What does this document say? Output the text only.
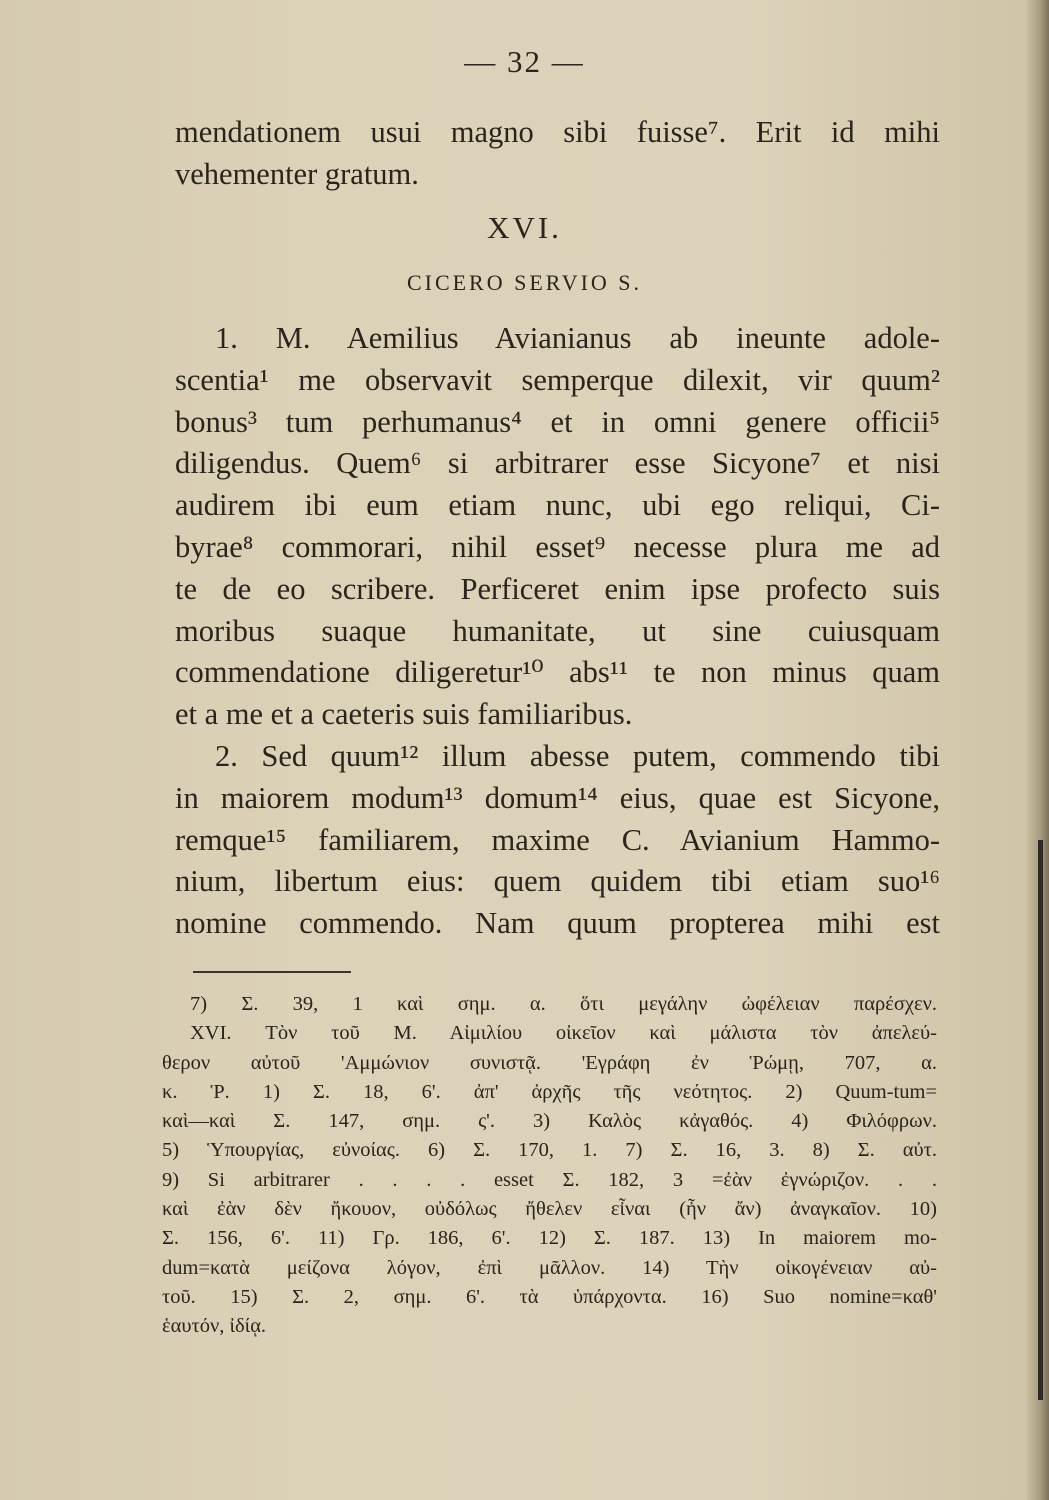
— 32 —
mendationem usui magno sibi fuisse⁷. Erit id mihi
vehementer gratum.
XVI.
CICERO SERVIO S.
1. M. Aemilius Avianianus ab ineunte adole-
scentia¹ me observavit semperque dilexit, vir quum²
bonus³ tum perhumanus⁴ et in omni genere officii⁵
diligendus. Quem⁶ si arbitrarer esse Sicyone⁷ et nisi
audirem ibi eum etiam nunc, ubi ego reliqui, Ci-
byrae⁸ commorari, nihil esset⁹ necesse plura me ad
te de eo scribere. Perficeret enim ipse profecto suis
moribus suaque humanitate, ut sine cuiusquam
commendatione diligeretur¹⁰ abs¹¹ te non minus quam
et a me et a caeteris suis familiaribus.
2. Sed quum¹² illum abesse putem, commendo tibi
in maiorem modum¹³ domum¹⁴ eius, quae est Sicyone,
remque¹⁵ familiarem, maxime C. Avianium Hammo-
nium, libertum eius: quem quidem tibi etiam suo¹⁶
nomine commendo. Nam quum propterea mihi est
7) Σ. 39, 1 καὶ σημ. α. ὅτι μεγάλην ὠφέλειαν παρέσχεν.
XVI. Τὸν τοῦ Μ. Αἰμιλίου οἰκεῖον καὶ μάλιστα τὸν ἀπελεύ-
θερον αὐτοῦ 'Αμμώνιον συνιστᾷ. 'Εγράφη ἐν Ῥώμῃ, 707, α.
κ. Ῥ. 1) Σ. 18, 6'. ἀπ' ἀρχῆς τῆς νεότητος. 2) Quum-tum=
καὶ—καὶ Σ. 147, σημ. ς'. 3) Καλὸς κἀγαθός. 4) Φιλόφρων.
5) Ὑπουργίας, εὐνοίας. 6) Σ. 170, 1. 7) Σ. 16, 3. 8) Σ. αὐτ.
9) Si arbitrarer . . . . esset Σ. 182, 3 =ἐὰν ἐγνώριζον. . .
καὶ ἐὰν δὲν ἤκουον, οὐδόλως ἤθελεν εἶναι (ἦν ἄν) ἀναγκαῖον. 10)
Σ. 156, 6'. 11) Γρ. 186, 6'. 12) Σ. 187. 13) In maiorem mo-
dum=κατὰ μείζονα λόγον, ἐπὶ μᾶλλον. 14) Τὴν οἰκογένειαν αὐ-
τοῦ. 15) Σ. 2, σημ. 6'. τὰ ὑπάρχοντα. 16) Suo nomine=καθ'
ἑαυτόν, ἰδίᾳ.
